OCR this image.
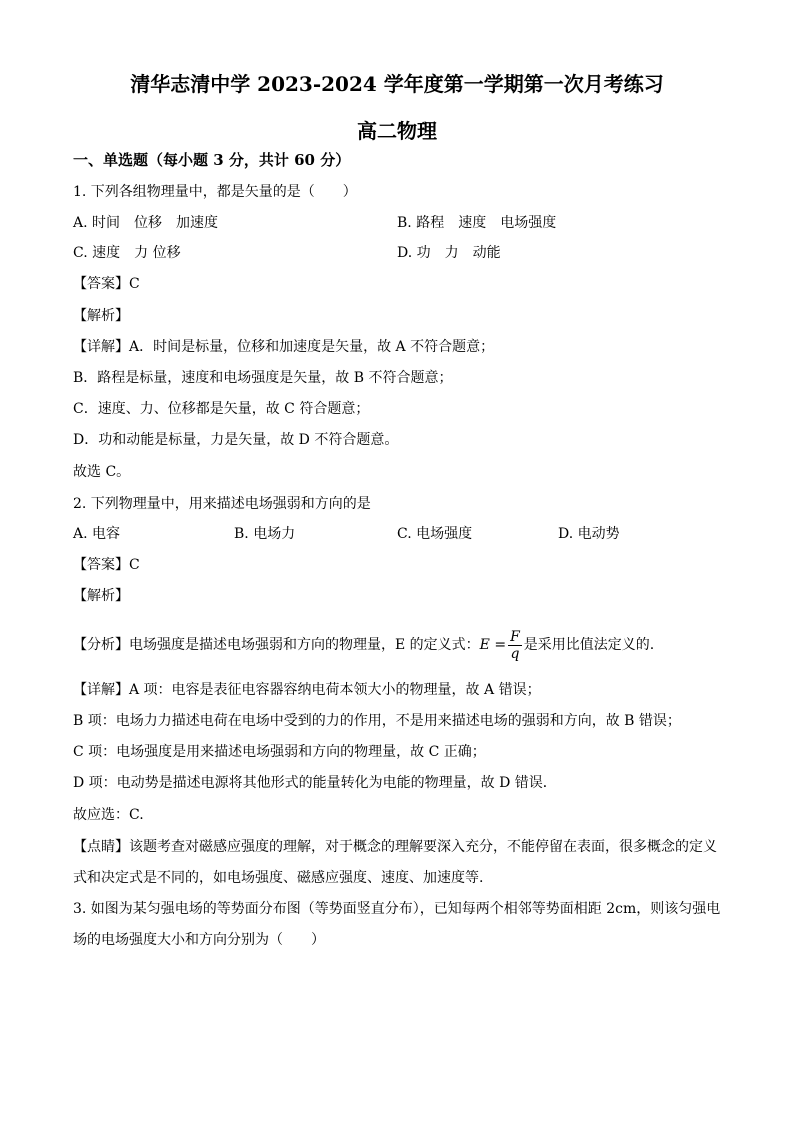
清华志清中学 2023-2024 学年度第一学期第一次月考练习
高二物理
一、单选题（每小题 3 分，共计 60 分）
1. 下列各组物理量中，都是矢量的是（　　）
A. 时间　位移　加速度	B. 路程　速度　电场强度
C. 速度　力 位移	D. 功　力　动能
【答案】C
【解析】
【详解】A．时间是标量，位移和加速度是矢量，故 A 不符合题意；
B．路程是标量，速度和电场强度是矢量，故 B 不符合题意；
C．速度、力、位移都是矢量，故 C 符合题意；
D．功和动能是标量，力是矢量，故 D 不符合题意。
故选 C。
2. 下列物理量中，用来描述电场强弱和方向的是
A. 电容	B. 电场力	C. 电场强度	D. 电动势
【答案】C
【解析】
【分析】电场强度是描述电场强弱和方向的物理量，E 的定义式：$E = \frac{F}{q}$ 是采用比值法定义的.
【详解】A 项：电容是表征电容器容纳电荷本领大小的物理量，故 A 错误；
B 项：电场力力描述电荷在电场中受到的力的作用，不是用来描述电场的强弱和方向，故 B 错误；
C 项：电场强度是用来描述电场强弱和方向的物理量，故 C 正确；
D 项：电动势是描述电源将其他形式的能量转化为电能的物理量，故 D 错误．
故应选：C.
【点睛】该题考查对磁感应强度的理解，对于概念的理解要深入充分，不能停留在表面，很多概念的定义
式和决定式是不同的，如电场强度、磁感应强度、速度、加速度等.
3. 如图为某匀强电场的等势面分布图（等势面竖直分布），已知每两个相邻等势面相距 2cm，则该匀强电
场的电场强度大小和方向分别为（　　）
